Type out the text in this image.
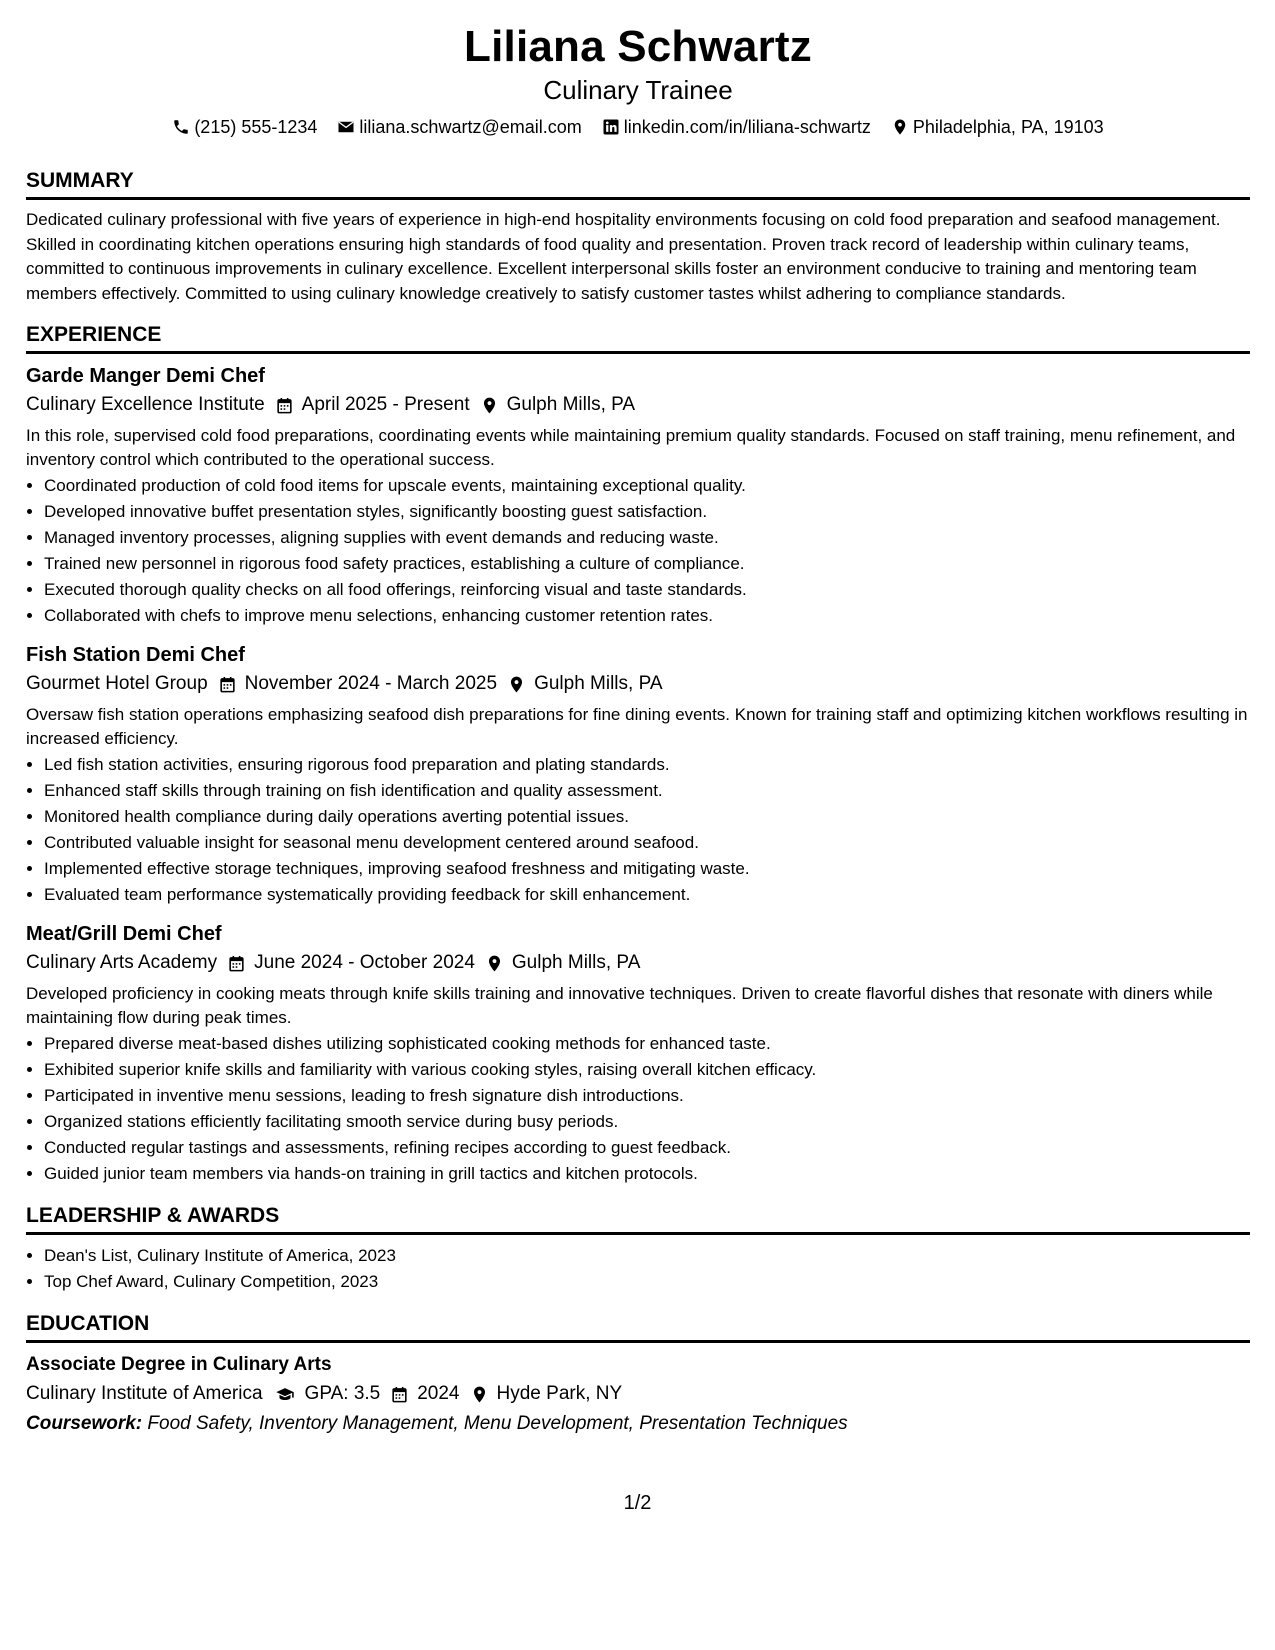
Liliana Schwartz
Culinary Trainee
(215) 555-1234 liliana.schwartz@email.com linkedin.com/in/liliana-schwartz Philadelphia, PA, 19103
SUMMARY
Dedicated culinary professional with five years of experience in high-end hospitality environments focusing on cold food preparation and seafood management. Skilled in coordinating kitchen operations ensuring high standards of food quality and presentation. Proven track record of leadership within culinary teams, committed to continuous improvements in culinary excellence. Excellent interpersonal skills foster an environment conducive to training and mentoring team members effectively. Committed to using culinary knowledge creatively to satisfy customer tastes whilst adhering to compliance standards.
EXPERIENCE
Garde Manger Demi Chef
Culinary Excellence Institute April 2025 - Present Gulph Mills, PA
In this role, supervised cold food preparations, coordinating events while maintaining premium quality standards. Focused on staff training, menu refinement, and inventory control which contributed to the operational success.
• Coordinated production of cold food items for upscale events, maintaining exceptional quality.
• Developed innovative buffet presentation styles, significantly boosting guest satisfaction.
• Managed inventory processes, aligning supplies with event demands and reducing waste.
• Trained new personnel in rigorous food safety practices, establishing a culture of compliance.
• Executed thorough quality checks on all food offerings, reinforcing visual and taste standards.
• Collaborated with chefs to improve menu selections, enhancing customer retention rates.
Fish Station Demi Chef
Gourmet Hotel Group November 2024 - March 2025 Gulph Mills, PA
Oversaw fish station operations emphasizing seafood dish preparations for fine dining events. Known for training staff and optimizing kitchen workflows resulting in increased efficiency.
• Led fish station activities, ensuring rigorous food preparation and plating standards.
• Enhanced staff skills through training on fish identification and quality assessment.
• Monitored health compliance during daily operations averting potential issues.
• Contributed valuable insight for seasonal menu development centered around seafood.
• Implemented effective storage techniques, improving seafood freshness and mitigating waste.
• Evaluated team performance systematically providing feedback for skill enhancement.
Meat/Grill Demi Chef
Culinary Arts Academy June 2024 - October 2024 Gulph Mills, PA
Developed proficiency in cooking meats through knife skills training and innovative techniques. Driven to create flavorful dishes that resonate with diners while maintaining flow during peak times.
• Prepared diverse meat-based dishes utilizing sophisticated cooking methods for enhanced taste.
• Exhibited superior knife skills and familiarity with various cooking styles, raising overall kitchen efficacy.
• Participated in inventive menu sessions, leading to fresh signature dish introductions.
• Organized stations efficiently facilitating smooth service during busy periods.
• Conducted regular tastings and assessments, refining recipes according to guest feedback.
• Guided junior team members via hands-on training in grill tactics and kitchen protocols.
LEADERSHIP & AWARDS
• Dean's List, Culinary Institute of America, 2023
• Top Chef Award, Culinary Competition, 2023
EDUCATION
Associate Degree in Culinary Arts
Culinary Institute of America GPA: 3.5 2024 Hyde Park, NY
Coursework: Food Safety, Inventory Management, Menu Development, Presentation Techniques
1/2
